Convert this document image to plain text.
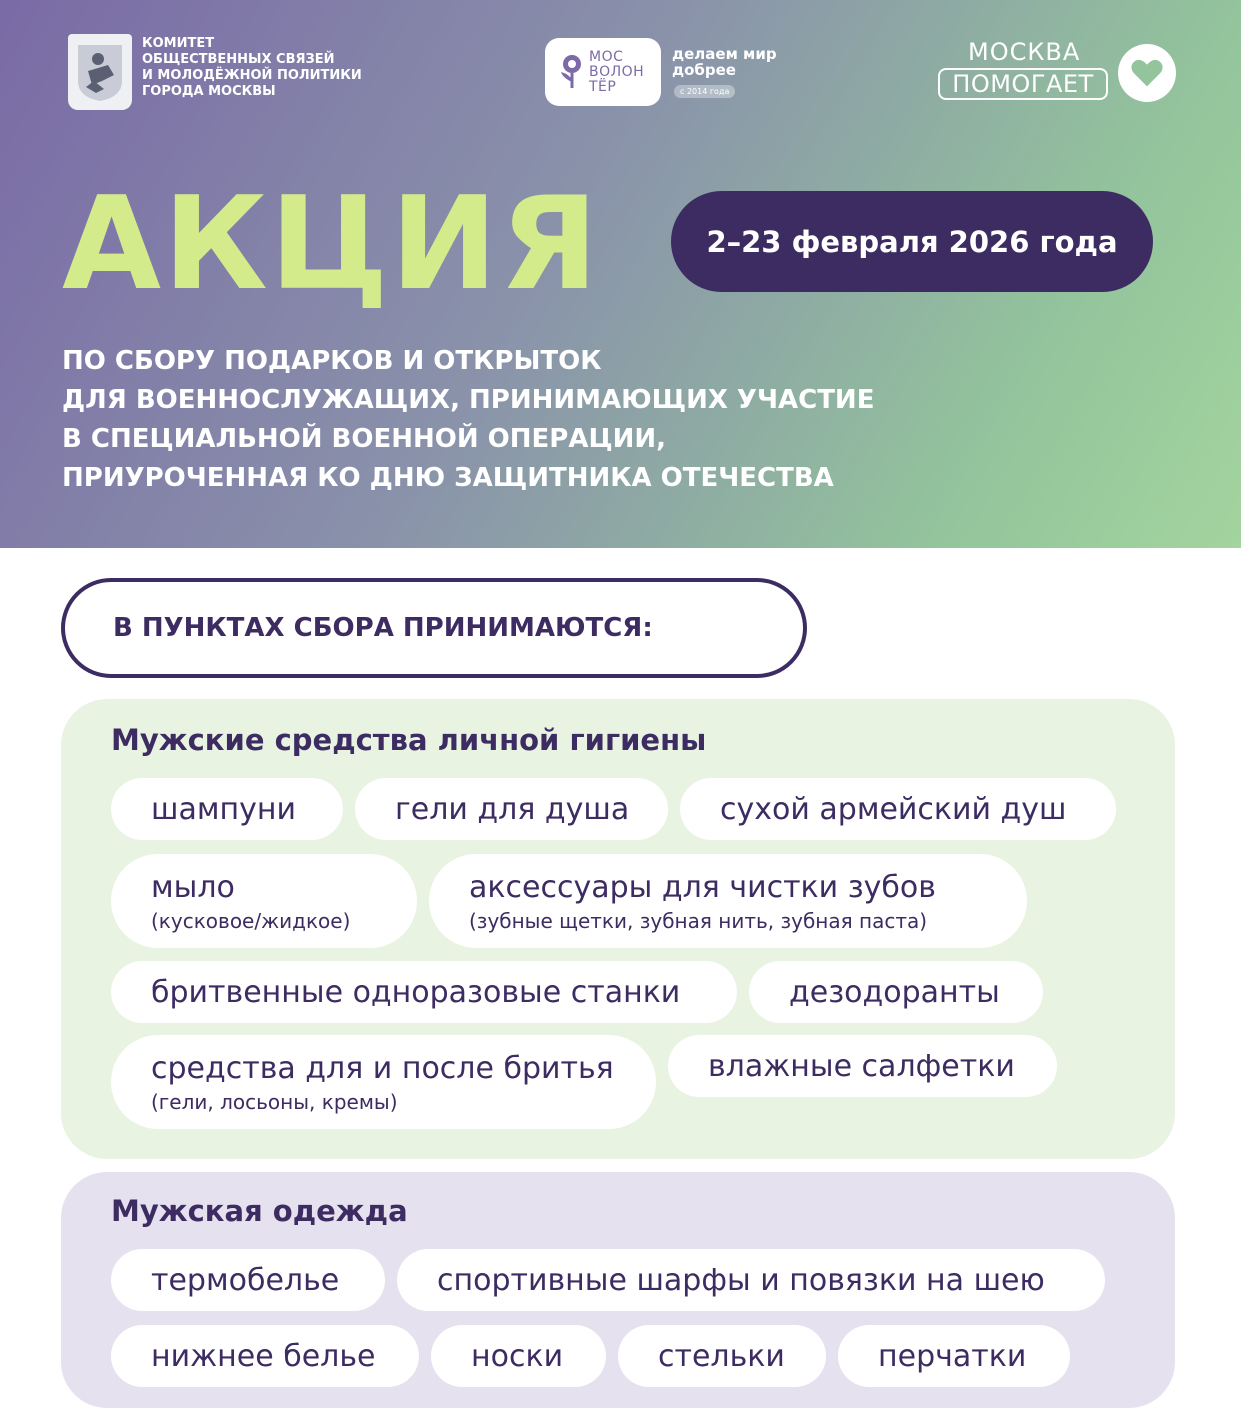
КОМИТЕТ
ОБЩЕСТВЕННЫХ СВЯЗЕЙ
И МОЛОДЁЖНОЙ ПОЛИТИКИ
ГОРОДА МОСКВЫ
МОС
ВОЛОН
ТЁР
делаем мир
добрее
с 2014 года
МОСКВА
ПОМОГАЕТ
АКЦИЯ	2–23 февраля 2026 года
ПО СБОРУ ПОДАРКОВ И ОТКРЫТОК
ДЛЯ ВОЕННОСЛУЖАЩИХ, ПРИНИМАЮЩИХ УЧАСТИЕ
В СПЕЦИАЛЬНОЙ ВОЕННОЙ ОПЕРАЦИИ,
ПРИУРОЧЕННАЯ КО ДНЮ ЗАЩИТНИКА ОТЕЧЕСТВА
В ПУНКТАХ СБОРА ПРИНИМАЮТСЯ:
Мужские средства личной гигиены
шампуни	гели для душа	сухой армейский душ
мыло
(кусковое/жидкое)
аксессуары для чистки зубов
(зубные щетки, зубная нить, зубная паста)
бритвенные одноразовые станки	дезодоранты
средства для и после бритья
(гели, лосьоны, кремы)
влажные салфетки
Мужская одежда
термобелье	спортивные шарфы и повязки на шею
нижнее белье	носки	стельки	перчатки
